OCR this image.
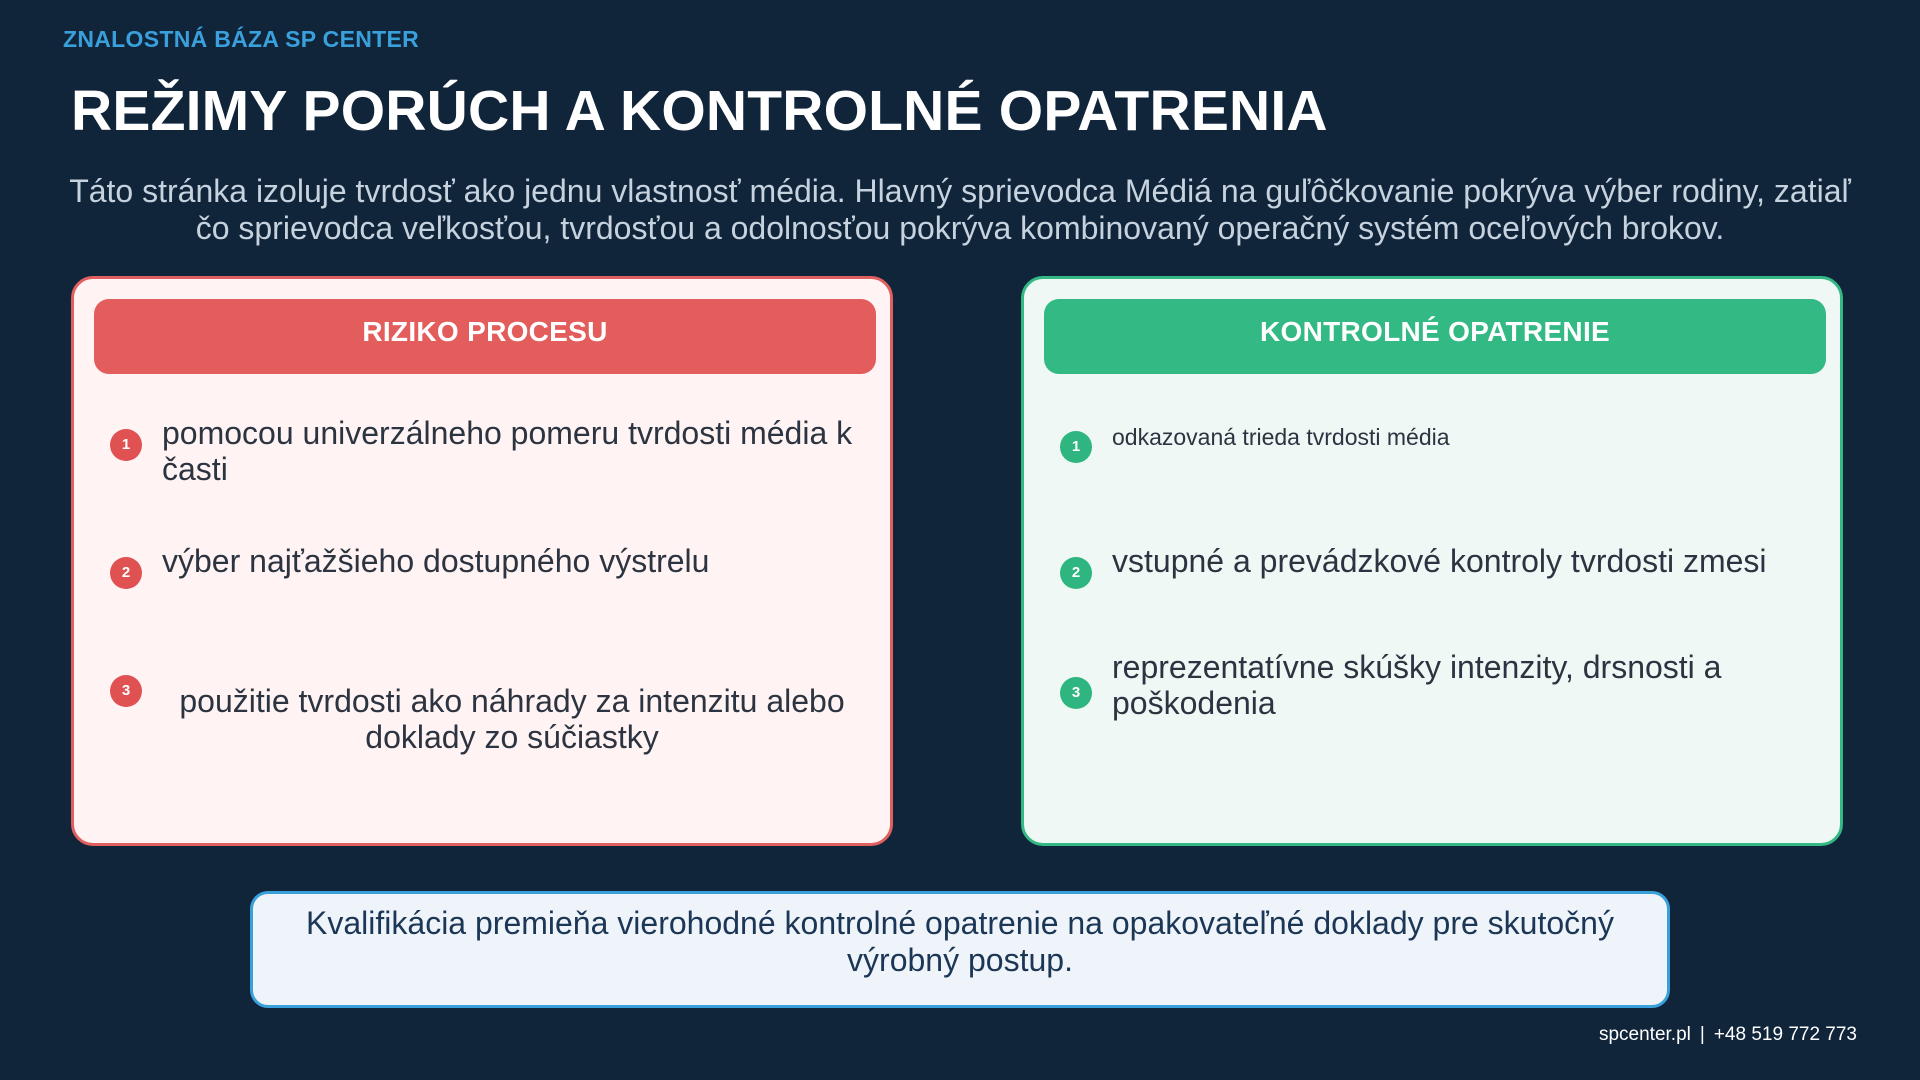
ZNALOSTNÁ BÁZA SP CENTER
REŽIMY PORÚCH A KONTROLNÉ OPATRENIA
Táto stránka izoluje tvrdosť ako jednu vlastnosť média. Hlavný sprievodca Médiá na guľôčkovanie pokrýva výber rodiny, zatiaľ
čo sprievodca veľkosťou, tvrdosťou a odolnosťou pokrýva kombinovaný operačný systém oceľových brokov.
RIZIKO PROCESU
1 pomocou univerzálneho pomeru tvrdosti média k časti
2 výber najťažšieho dostupného výstrelu
3	použitie tvrdosti ako náhrady za intenzitu alebo doklady zo súčiastky
KONTROLNÉ OPATRENIE
1	odkazovaná trieda tvrdosti média
2 vstupné a prevádzkové kontroly tvrdosti zmesi
3
reprezentatívne skúšky intenzity, drsnosti a poškodenia
Kvalifikácia premieňa vierohodné kontrolné opatrenie na opakovateľné doklady pre skutočný výrobný postup.
spcenter.pl | +48 519 772 773
